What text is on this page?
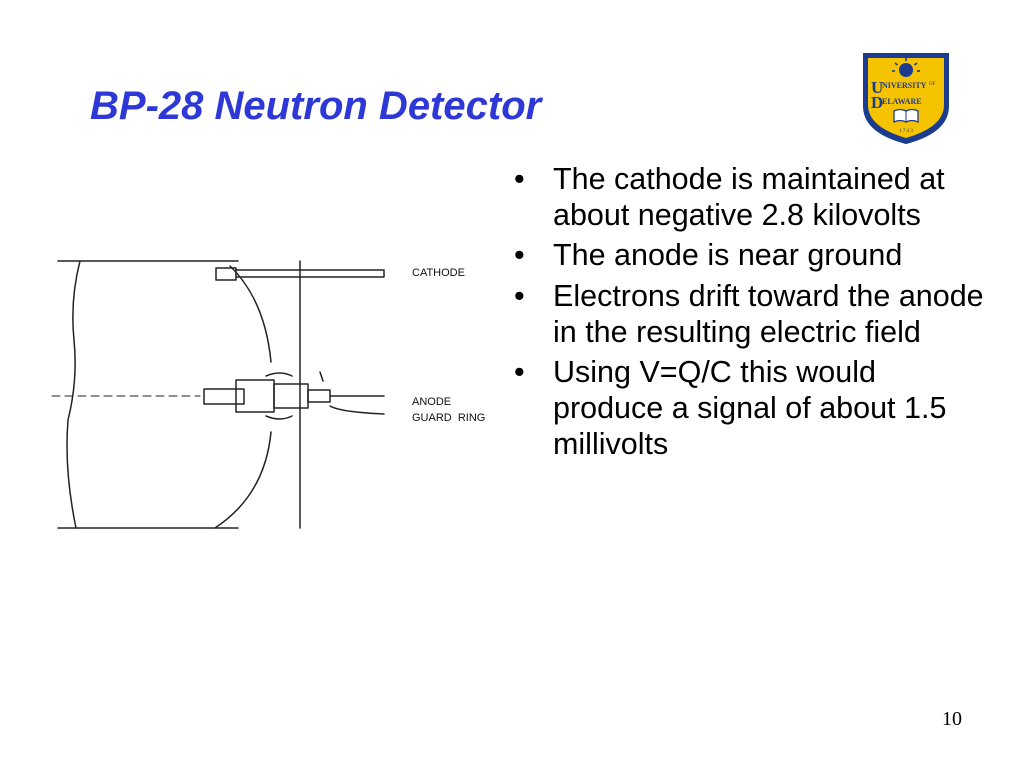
BP-28 Neutron Detector	U
NIVERSITY OF
D
ELAWARE
1 7 4 3
CATHODE
ANODE
GUARD  RING
• The cathode is maintained at about negative 2.8 kilovolts
• The anode is near ground
• Electrons drift toward the anode in the resulting electric field
• Using V=Q/C this would produce a signal of about 1.5 millivolts
10
